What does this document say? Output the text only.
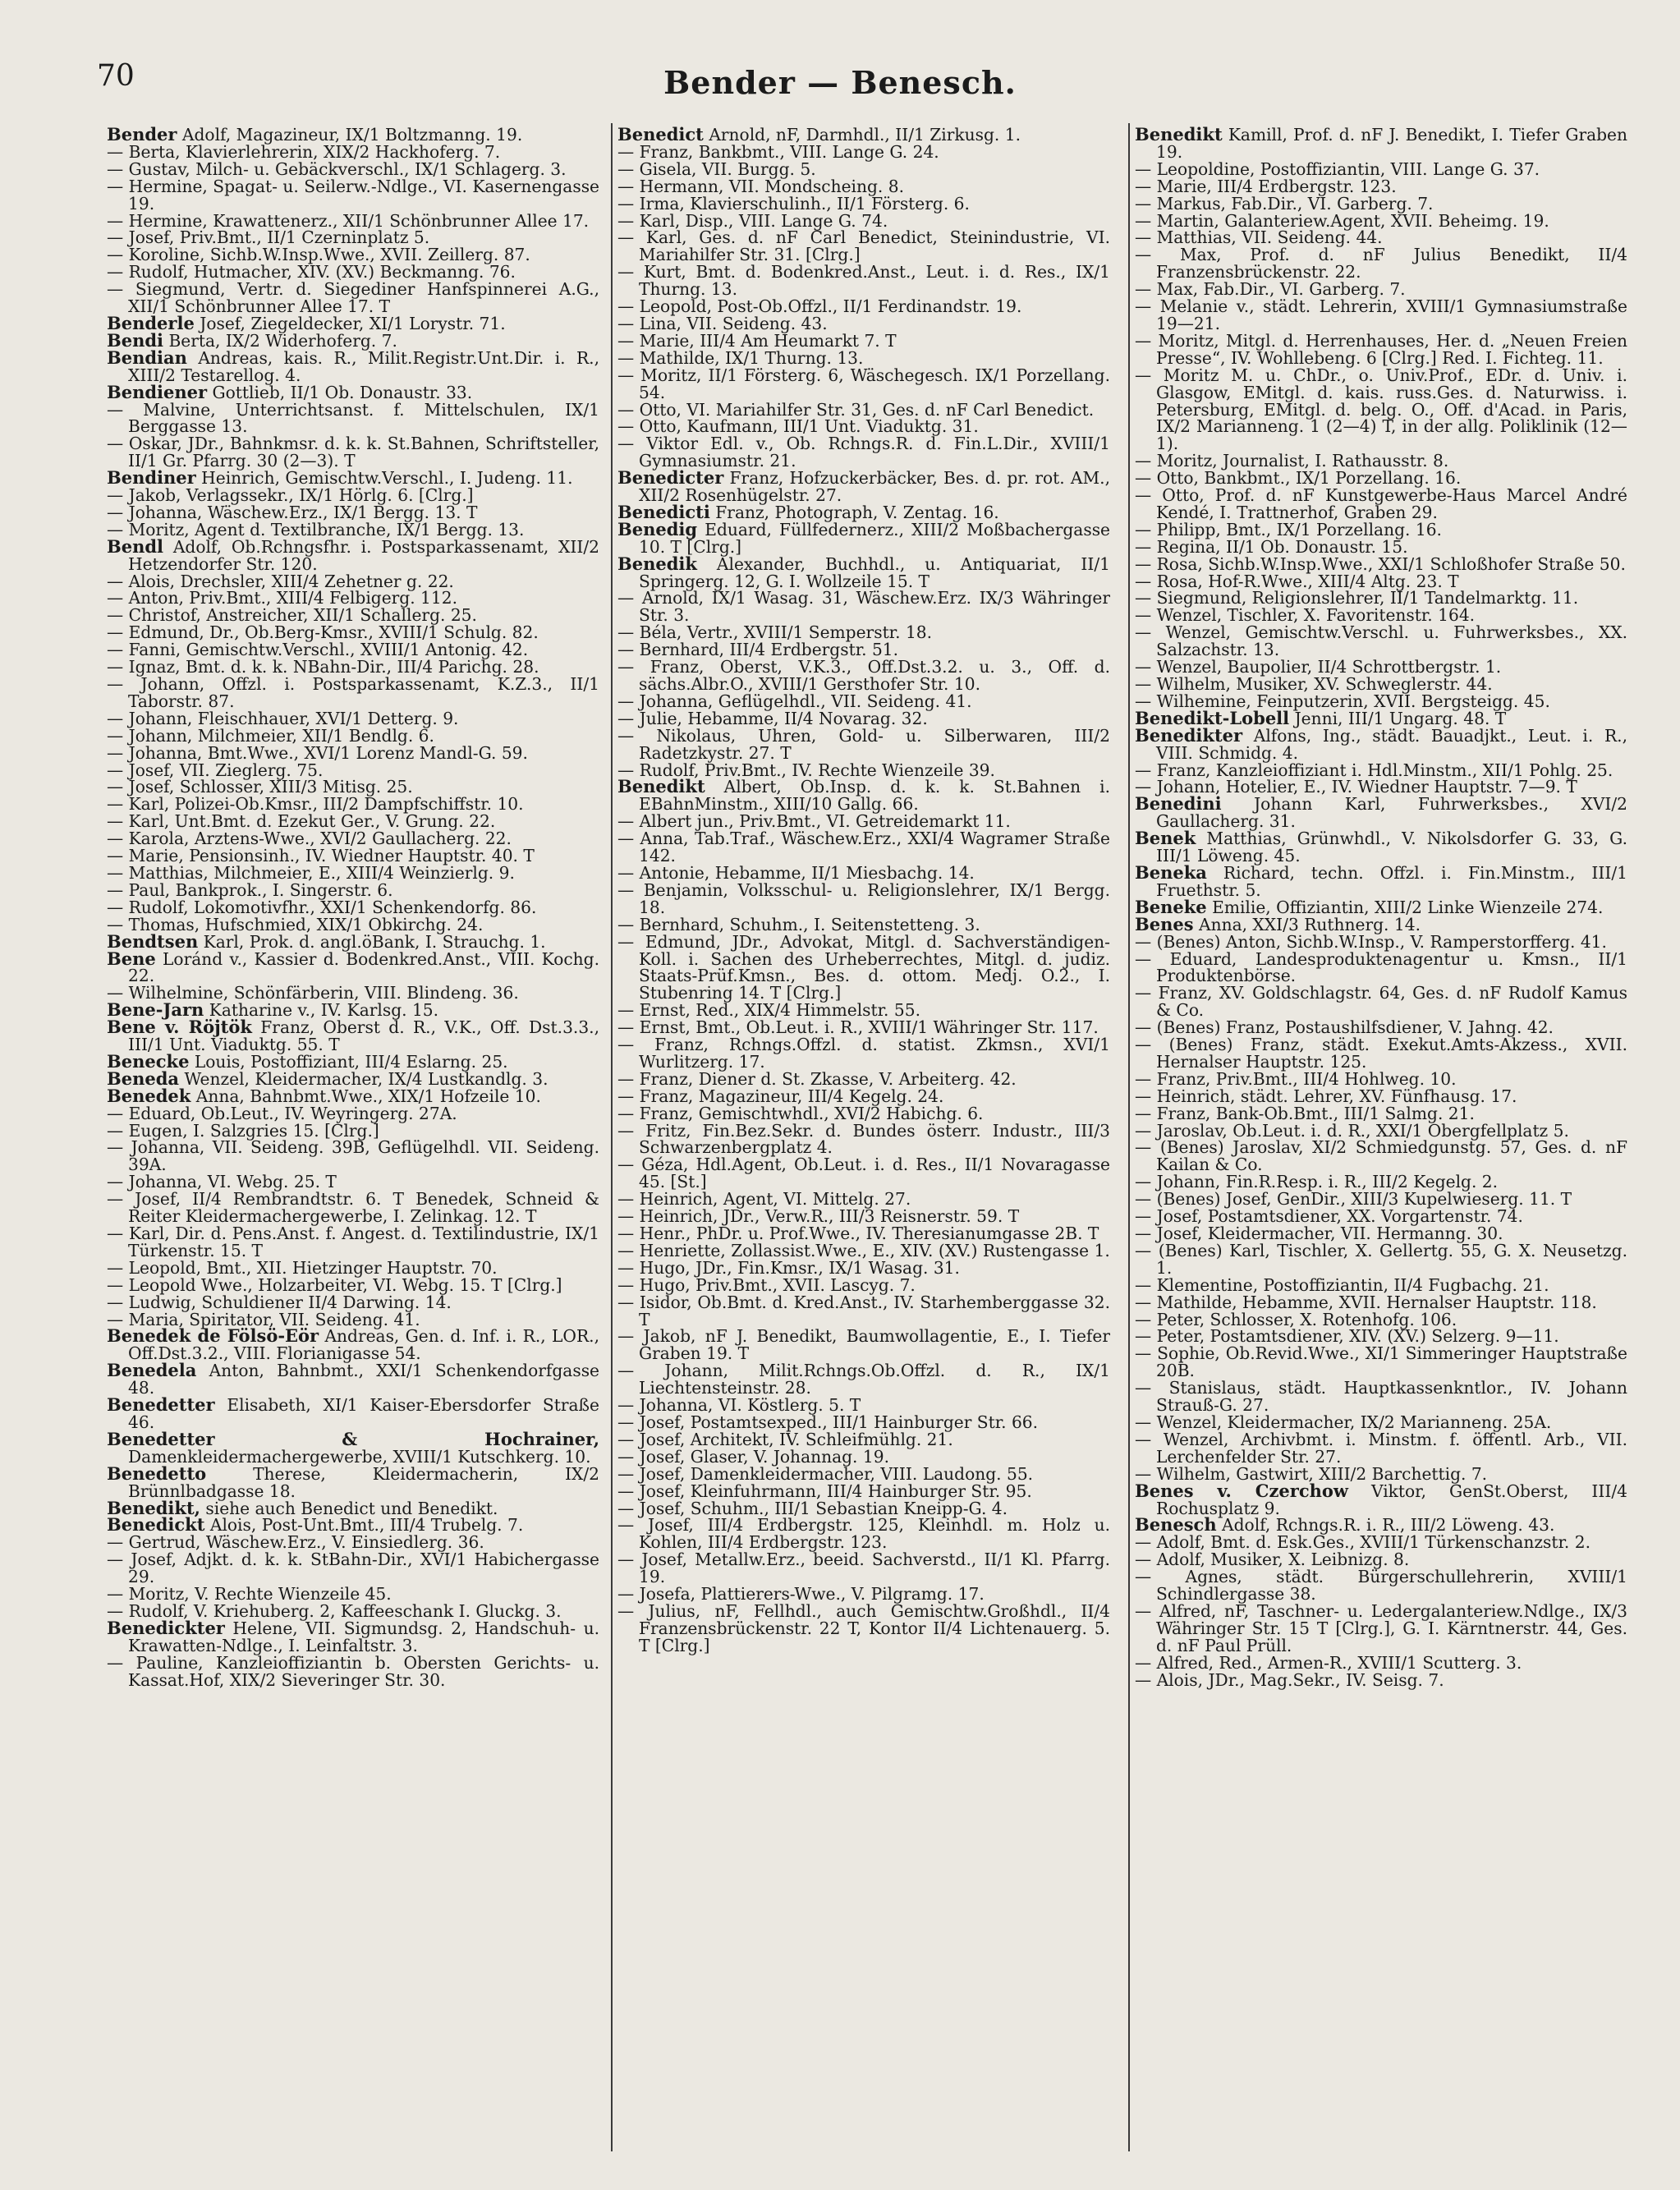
70	Bender — Benesch.

Bender Adolf, Magazineur, IX/1 Boltzmanng. 19.

— Berta, Klavierlehrerin, XIX/2 Hackhoferg. 7.

— Gustav, Milch- u. Gebäckverschl., IX/1 Schlagerg. 3.

— Hermine, Spagat- u. Seilerw.-Ndlge., VI. Kasernengasse 19.

— Hermine, Krawattenerz., XII/1 Schönbrunner Allee 17.

— Josef, Priv.Bmt., II/1 Czerninplatz 5.

— Koroline, Sichb.W.Insp.Wwe., XVII. Zeillerg. 87.

— Rudolf, Hutmacher, XIV. (XV.) Beckmanng. 76.

— Siegmund, Vertr. d. Siegediner Hanfspinnerei A.G., XII/1 Schönbrunner Allee 17. T

Benderle Josef, Ziegeldecker, XI/1 Lorystr. 71.

Bendi Berta, IX/2 Widerhoferg. 7.

Bendian Andreas, kais. R., Milit.Registr.Unt.Dir. i. R., XIII/2 Testarellog. 4.

Bendiener Gottlieb, II/1 Ob. Donaustr. 33.

— Malvine, Unterrichtsanst. f. Mittelschulen, IX/1 Berggasse 13.

— Oskar, JDr., Bahnkmsr. d. k. k. St.Bahnen, Schriftsteller, II/1 Gr. Pfarrg. 30 (2—3). T

Bendiner Heinrich, Gemischtw.Verschl., I. Judeng. 11.

— Jakob, Verlagssekr., IX/1 Hörlg. 6. [Clrg.]

— Johanna, Wäschew.Erz., IX/1 Bergg. 13. T

— Moritz, Agent d. Textilbranche, IX/1 Bergg. 13.

Bendl Adolf, Ob.Rchngsfhr. i. Postsparkassenamt, XII/2 Hetzendorfer Str. 120.

— Alois, Drechsler, XIII/4 Zehetner g. 22.

— Anton, Priv.Bmt., XIII/4 Felbigerg. 112.

— Christof, Anstreicher, XII/1 Schallerg. 25.

— Edmund, Dr., Ob.Berg-Kmsr., XVIII/1 Schulg. 82.

— Fanni, Gemischtw.Verschl., XVIII/1 Antonig. 42.

— Ignaz, Bmt. d. k. k. NBahn-Dir., III/4 Parichg. 28.

— Johann, Offzl. i. Postsparkassenamt, K.Z.3., II/1 Taborstr. 87.

— Johann, Fleischhauer, XVI/1 Detterg. 9.

— Johann, Milchmeier, XII/1 Bendlg. 6.

— Johanna, Bmt.Wwe., XVI/1 Lorenz Mandl-G. 59.

— Josef, VII. Zieglerg. 75.

— Josef, Schlosser, XIII/3 Mitisg. 25.

— Karl, Polizei-Ob.Kmsr., III/2 Dampfschiffstr. 10.

— Karl, Unt.Bmt. d. Ezekut Ger., V. Grung. 22.

— Karola, Arztens-Wwe., XVI/2 Gaullacherg. 22.

— Marie, Pensionsinh., IV. Wiedner Hauptstr. 40. T

— Matthias, Milchmeier, E., XIII/4 Weinzierlg. 9.

— Paul, Bankprok., I. Singerstr. 6.

— Rudolf, Lokomotivfhr., XXI/1 Schenkendorfg. 86.

— Thomas, Hufschmied, XIX/1 Obkirchg. 24.

Bendtsen Karl, Prok. d. angl.öBank, I. Strauchg. 1.

Bene Loránd v., Kassier d. Bodenkred.Anst., VIII. Kochg. 22.

— Wilhelmine, Schönfärberin, VIII. Blindeng. 36.

Bene-Jarn Katharine v., IV. Karlsg. 15.

Bene v. Röjtök Franz, Oberst d. R., V.K., Off. Dst.3.3., III/1 Unt. Viaduktg. 55. T

Benecke Louis, Postoffiziant, III/4 Eslarng. 25.

Beneda Wenzel, Kleidermacher, IX/4 Lustkandlg. 3.

Benedek Anna, Bahnbmt.Wwe., XIX/1 Hofzeile 10.

— Eduard, Ob.Leut., IV. Weyringerg. 27A.

— Eugen, I. Salzgries 15. [Clrg.]

— Johanna, VII. Seideng. 39B, Geflügelhdl. VII. Seideng. 39A.

— Johanna, VI. Webg. 25. T

— Josef, II/4 Rembrandtstr. 6. T Benedek, Schneid & Reiter Kleidermachergewerbe, I. Zelinkag. 12. T

— Karl, Dir. d. Pens.Anst. f. Angest. d. Textilindustrie, IX/1 Türkenstr. 15. T

— Leopold, Bmt., XII. Hietzinger Hauptstr. 70.

— Leopold Wwe., Holzarbeiter, VI. Webg. 15. T [Clrg.]

— Ludwig, Schuldiener II/4 Darwing. 14.

— Maria, Spiritator, VII. Seideng. 41.

Benedek de Fölsö-Eör Andreas, Gen. d. Inf. i. R., LOR., Off.Dst.3.2., VIII. Florianigasse 54.

Benedela Anton, Bahnbmt., XXI/1 Schenkendorfgasse 48.

Benedetter Elisabeth, XI/1 Kaiser-Ebersdorfer Straße 46.

Benedetter & Hochrainer, Damenkleidermachergewerbe, XVIII/1 Kutschkerg. 10.

Benedetto	Therese, Kleidermacherin, IX/2 Brünnlbadgasse 18.

Benedikt, siehe auch Benedict und Benedikt.

Benedickt Alois, Post-Unt.Bmt., III/4 Trubelg. 7.

— Gertrud, Wäschew.Erz., V. Einsiedlerg. 36.

— Josef, Adjkt. d. k. k. StBahn-Dir., XVI/1 Habichergasse 29.

— Moritz, V. Rechte Wienzeile 45.

— Rudolf, V. Kriehuberg. 2, Kaffeeschank I. Gluckg. 3.

Benedickter Helene, VII. Sigmundsg. 2, Handschuh- u. Krawatten-Ndlge., I. Leinfaltstr. 3.

— Pauline, Kanzleioffiziantin b. Obersten Gerichts- u. Kassat.Hof, XIX/2 Sieveringer Str. 30.

Benedict Arnold, nF, Darmhdl., II/1 Zirkusg. 1.

— Franz, Bankbmt., VIII. Lange G. 24.

— Gisela, VII. Burgg. 5.

— Hermann, VII. Mondscheing. 8.

— Irma, Klavierschulinh., II/1 Försterg. 6.

— Karl, Disp., VIII. Lange G. 74.

— Karl, Ges. d. nF Carl Benedict, Steinindustrie, VI. Mariahilfer Str. 31. [Clrg.]

— Kurt, Bmt. d. Bodenkred.Anst., Leut. i. d. Res., IX/1 Thurng. 13.

— Leopold, Post-Ob.Offzl., II/1 Ferdinandstr. 19.

— Lina, VII. Seideng. 43.

— Marie, III/4 Am Heumarkt 7. T

— Mathilde, IX/1 Thurng. 13.

— Moritz, II/1 Försterg. 6, Wäschegesch. IX/1 Porzellang. 54.

— Otto, VI. Mariahilfer Str. 31, Ges. d. nF Carl Benedict.

— Otto, Kaufmann, III/1 Unt. Viaduktg. 31.

— Viktor Edl. v., Ob. Rchngs.R. d. Fin.L.Dir., XVIII/1 Gymnasiumstr. 21.

Benedicter Franz, Hofzuckerbäcker, Bes. d. pr. rot. AM., XII/2 Rosenhügelstr. 27.

Benedicti Franz, Photograph, V. Zentag. 16.

Benedig Eduard, Füllfedernerz., XIII/2 Moßbachergasse 10. T [Clrg.]

Benedik Alexander, Buchhdl., u. Antiquariat, II/1 Springerg. 12, G. I. Wollzeile 15. T

— Arnold, IX/1 Wasag. 31, Wäschew.Erz. IX/3 Währinger Str. 3.

— Béla, Vertr., XVIII/1 Semperstr. 18.

— Bernhard, III/4 Erdbergstr. 51.

— Franz, Oberst, V.K.3., Off.Dst.3.2. u. 3., Off. d. sächs.Albr.O., XVIII/1 Gersthofer Str. 10.

— Johanna, Geflügelhdl., VII. Seideng. 41.

— Julie, Hebamme, II/4 Novarag. 32.

— Nikolaus, Uhren, Gold- u. Silberwaren, III/2 Radetzkystr. 27. T

— Rudolf, Priv.Bmt., IV. Rechte Wienzeile 39.

Benedikt Albert, Ob.Insp. d. k. k. St.Bahnen i. EBahnMinstm., XIII/10 Gallg. 66.

— Albert jun., Priv.Bmt., VI. Getreidemarkt 11.

— Anna, Tab.Traf., Wäschew.Erz., XXI/4 Wagramer Straße 142.

— Antonie, Hebamme, II/1 Miesbachg. 14.

— Benjamin, Volksschul- u. Religionslehrer, IX/1 Bergg. 18.

— Bernhard, Schuhm., I. Seitenstetteng. 3.

— Edmund, JDr., Advokat, Mitgl. d. Sachverständigen-Koll. i. Sachen des Urheberrechtes, Mitgl. d. judiz. Staats-Prüf.Kmsn., Bes. d. ottom. Medj. O.2., I. Stubenring 14. T [Clrg.]

— Ernst, Red., XIX/4 Himmelstr. 55.

— Ernst, Bmt., Ob.Leut. i. R., XVIII/1 Währinger Str. 117.

— Franz, Rchngs.Offzl. d. statist. Zkmsn., XVI/1 Wurlitzerg. 17.

— Franz, Diener d. St. Zkasse, V. Arbeiterg. 42.

— Franz, Magazineur, III/4 Kegelg. 24.

— Franz, Gemischtwhdl., XVI/2 Habichg. 6.

— Fritz, Fin.Bez.Sekr. d. Bundes österr. Industr., III/3 Schwarzenbergplatz 4.

— Géza, Hdl.Agent, Ob.Leut. i. d. Res., II/1 Novaragasse 45. [St.]

— Heinrich, Agent, VI. Mittelg. 27.

— Heinrich, JDr., Verw.R., III/3 Reisnerstr. 59. T

— Henr., PhDr. u. Prof.Wwe., IV. Theresianumgasse 2B. T

— Henriette, Zollassist.Wwe., E., XIV. (XV.) Rustengasse 1.

— Hugo, JDr., Fin.Kmsr., IX/1 Wasag. 31.

— Hugo, Priv.Bmt., XVII. Lascyg. 7.

— Isidor, Ob.Bmt. d. Kred.Anst., IV. Starhemberggasse 32. T

— Jakob, nF J. Benedikt, Baumwollagentie, E., I. Tiefer Graben 19. T

— Johann, Milit.Rchngs.Ob.Offzl. d. R., IX/1 Liechtensteinstr. 28.

— Johanna, VI. Köstlerg. 5. T

— Josef, Postamtsexped., III/1 Hainburger Str. 66.

— Josef, Architekt, IV. Schleifmühlg. 21.

— Josef, Glaser, V. Johannag. 19.

— Josef, Damenkleidermacher, VIII. Laudong. 55.

— Josef, Kleinfuhrmann, III/4 Hainburger Str. 95.

— Josef, Schuhm., III/1 Sebastian Kneipp-G. 4.

— Josef, III/4 Erdbergstr. 125, Kleinhdl. m. Holz u. Kohlen, III/4 Erdbergstr. 123.

— Josef, Metallw.Erz., beeid. Sachverstd., II/1 Kl. Pfarrg. 19.

— Josefa, Plattierers-Wwe., V. Pilgramg. 17.

— Julius, nF, Fellhdl., auch Gemischtw.Großhdl., II/4 Franzensbrückenstr. 22 T, Kontor II/4 Lichtenauerg. 5. T [Clrg.]

Benedikt Kamill, Prof. d. nF J. Benedikt, I. Tiefer Graben 19.

— Leopoldine, Postoffiziantin, VIII. Lange G. 37.

— Marie, III/4 Erdbergstr. 123.

— Markus, Fab.Dir., VI. Garberg. 7.

— Martin, Galanteriew.Agent, XVII. Beheimg. 19.

— Matthias, VII. Seideng. 44.

— Max, Prof. d. nF Julius Benedikt, II/4 Franzensbrückenstr. 22.

— Max, Fab.Dir., VI. Garberg. 7.

— Melanie v., städt. Lehrerin, XVIII/1 Gymnasiumstraße 19—21.

— Moritz, Mitgl. d. Herrenhauses, Her. d. „Neuen Freien Presse“, IV. Wohllebeng. 6 [Clrg.] Red. I. Fichteg. 11.

— Moritz M. u. ChDr., o. Univ.Prof., EDr. d. Univ. i. Glasgow, EMitgl. d. kais. russ.Ges. d. Naturwiss. i. Petersburg, EMitgl. d. belg. O., Off. d'Acad. in Paris, IX/2 Marianneng. 1 (2—4) T, in der allg. Poliklinik (12—1).

— Moritz, Journalist, I. Rathausstr. 8.

— Otto, Bankbmt., IX/1 Porzellang. 16.

— Otto, Prof. d. nF Kunstgewerbe-Haus Marcel André Kendé, I. Trattnerhof, Graben 29.

— Philipp, Bmt., IX/1 Porzellang. 16.

— Regina, II/1 Ob. Donaustr. 15.

— Rosa, Sichb.W.Insp.Wwe., XXI/1 Schloßhofer Straße 50.

— Rosa, Hof-R.Wwe., XIII/4 Altg. 23. T

— Siegmund, Religionslehrer, II/1 Tandelmarktg. 11.

— Wenzel, Tischler, X. Favoritenstr. 164.

— Wenzel, Gemischtw.Verschl. u. Fuhrwerksbes., XX. Salzachstr. 13.

— Wenzel, Baupolier, II/4 Schrottbergstr. 1.

— Wilhelm, Musiker, XV. Schweglerstr. 44.

— Wilhemine, Feinputzerin, XVII. Bergsteigg. 45.

Benedikt-Lobell Jenni, III/1 Ungarg. 48. T

Benedikter Alfons, Ing., städt. Bauadjkt., Leut. i. R., VIII. Schmidg. 4.

— Franz, Kanzleioffiziant i. Hdl.Minstm., XII/1 Pohlg. 25.

— Johann, Hotelier, E., IV. Wiedner Hauptstr. 7—9. T

Benedini Johann Karl, Fuhrwerksbes., XVI/2 Gaullacherg. 31.

Benek Matthias, Grünwhdl., V. Nikolsdorfer G. 33, G. III/1 Löweng. 45.

Beneka Richard, techn. Offzl. i. Fin.Minstm., III/1 Fruethstr. 5.

Beneke Emilie, Offiziantin, XIII/2 Linke Wienzeile 274.

Benes Anna, XXI/3 Ruthnerg. 14.

— (Benes) Anton, Sichb.W.Insp., V. Ramperstorfferg. 41.

— Eduard, Landesproduktenagentur u. Kmsn., II/1 Produktenbörse.

— Franz, XV. Goldschlagstr. 64, Ges. d. nF Rudolf Kamus & Co.

— (Benes) Franz, Postaushilfsdiener, V. Jahng. 42.

— (Benes) Franz, städt. Exekut.Amts-Akzess., XVII. Hernalser Hauptstr. 125.

— Franz, Priv.Bmt., III/4 Hohlweg. 10.

— Heinrich, städt. Lehrer, XV. Fünfhausg. 17.

— Franz, Bank-Ob.Bmt., III/1 Salmg. 21.

— Jaroslav, Ob.Leut. i. d. R., XXI/1 Obergfellplatz 5.

— (Benes) Jaroslav, XI/2 Schmiedgunstg. 57, Ges. d. nF Kailan & Co.

— Johann, Fin.R.Resp. i. R., III/2 Kegelg. 2.

— (Benes) Josef, GenDir., XIII/3 Kupelwieserg. 11. T

— Josef, Postamtsdiener, XX. Vorgartenstr. 74.

— Josef, Kleidermacher, VII. Hermanng. 30.

— (Benes) Karl, Tischler, X. Gellertg. 55, G. X. Neusetzg. 1.

— Klementine, Postoffiziantin, II/4 Fugbachg. 21.

— Mathilde, Hebamme, XVII. Hernalser Hauptstr. 118.

— Peter, Schlosser, X. Rotenhofg. 106.

— Peter, Postamtsdiener, XIV. (XV.) Selzerg. 9—11.

— Sophie, Ob.Revid.Wwe., XI/1 Simmeringer Hauptstraße 20B.

— Stanislaus, städt. Hauptkassenkntlor., IV. Johann Strauß-G. 27.

— Wenzel, Kleidermacher, IX/2 Marianneng. 25A.

— Wenzel, Archivbmt. i. Minstm. f. öffentl. Arb., VII. Lerchenfelder Str. 27.

— Wilhelm, Gastwirt, XIII/2 Barchettig. 7.

Benes v. Czerchow Viktor, GenSt.Oberst, III/4 Rochusplatz 9.

Benesch Adolf, Rchngs.R. i. R., III/2 Löweng. 43.

— Adolf, Bmt. d. Esk.Ges., XVIII/1 Türkenschanzstr. 2.

— Adolf, Musiker, X. Leibnizg. 8.

— Agnes, städt. Bürgerschullehrerin, XVIII/1 Schindlergasse 38.

— Alfred, nF, Taschner- u. Ledergalanteriew.Ndlge., IX/3 Währinger Str. 15 T [Clrg.], G. I. Kärntnerstr. 44, Ges. d. nF Paul Prüll.

— Alfred, Red., Armen-R., XVIII/1 Scutterg. 3.

— Alois, JDr., Mag.Sekr., IV. Seisg. 7.
